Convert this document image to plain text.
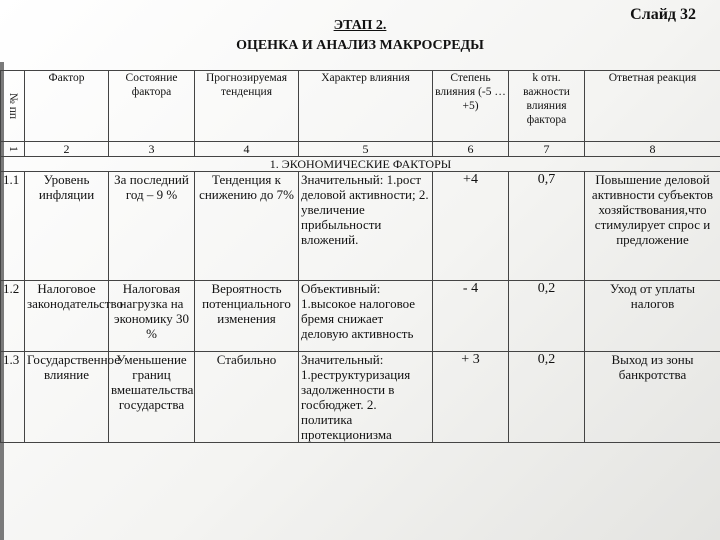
Слайд 32
ЭТАП 2.
ОЦЕНКА И АНАЛИЗ МАКРОСРЕДЫ
№ пп	Фактор	Состояние фактора	Прогнозируемая тенденция	Характер влияния	Степень влияния (-5 … +5)	k отн. важности влияния фактора	Ответная реакция

1	2	3	4	5	6	7	8
1. ЭКОНОМИЧЕСКИЕ ФАКТОРЫ							
1.1	Уровень инфляции	За последний год – 9 %	Тенденция к снижению до 7%	Значительный: 1.рост деловой активности; 2. увеличение прибыльности вложений.	+4	0,7	Повышение деловой активности субъектов хозяйствования,что стимулирует спрос и предложение
1.2	Налоговое законодательство	Налоговая нагрузка на экономику 30 %	Вероятность потенциального изменения	Объективный: 1.высокое налоговое бремя снижает деловую активность	- 4	0,2	Уход от уплаты налогов
1.3	Государственное влияние	Уменьшение границ вмешательства государства	Стабильно	Значительный: 1.реструктуризация задолженности в госбюджет. 2. политика протекционизма	+ 3	0,2	Выход из зоны банкротства
